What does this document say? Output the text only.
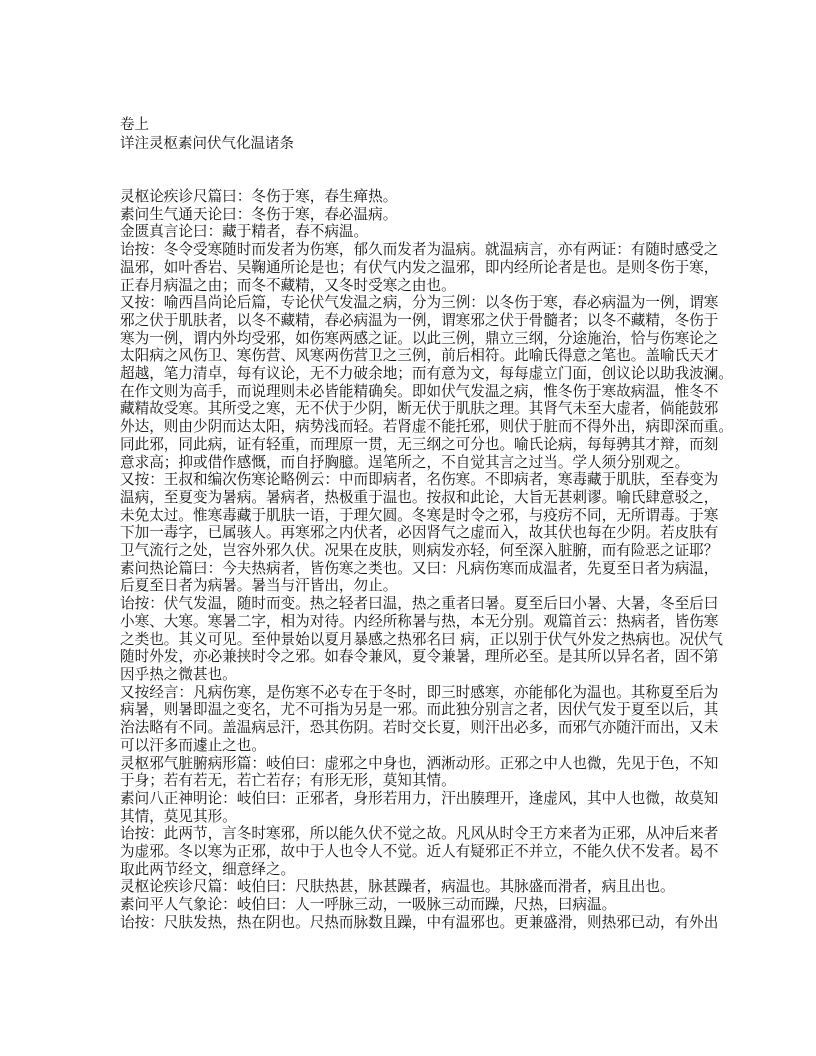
卷上
详注灵枢素问伏气化温诸条
灵枢论疾诊尺篇曰：冬伤于寒，春生瘅热。
素问生气通天论曰：冬伤于寒，春必温病。
金匮真言论曰：藏于精者，春不病温。
诒按：冬令受寒随时而发者为伤寒，郁久而发者为温病。就温病言，亦有两证：有随时感受之
温邪，如叶香岩、吴鞠通所论是也；有伏气内发之温邪，即内经所论者是也。是则冬伤于寒，
正春月病温之由；而冬不藏精，又冬时受寒之由也。
又按：喻西昌尚论后篇，专论伏气发温之病，分为三例：以冬伤于寒，春必病温为一例，谓寒
邪之伏于肌肤者，以冬不藏精，春必病温为一例，谓寒邪之伏于骨髓者；以冬不藏精，冬伤于
寒为一例，谓内外均受邪，如伤寒两感之证。以此三例，鼎立三纲，分途施治，恰与伤寒论之
太阳病之风伤卫、寒伤营、风寒两伤营卫之三例，前后相符。此喻氏得意之笔也。盖喻氏天才
超越，笔力清卓，每有议论，无不力破余地；而有意为文，每每虚立门面，创议论以助我波澜。
在作文则为高手，而说理则未必皆能精确矣。即如伏气发温之病，惟冬伤于寒故病温，惟冬不
藏精故受寒。其所受之寒，无不伏于少阴，断无伏于肌肤之理。其肾气未至大虚者，倘能鼓邪
外达，则由少阴而达太阳，病势浅而轻。若肾虚不能托邪，则伏于脏而不得外出，病即深而重。
同此邪，同此病，证有轻重，而理原一贯，无三纲之可分也。喻氏论病，每每骋其才辩，而刻
意求高；抑或借作感慨，而自抒胸臆。逞笔所之，不自觉其言之过当。学人须分别观之。
又按：王叔和编次伤寒论略例云：中而即病者，名伤寒。不即病者，寒毒藏于肌肤，至春变为
温病，至夏变为暑病。暑病者，热极重于温也。按叔和此论，大旨无甚刺谬。喻氏肆意驳之，
未免太过。惟寒毒藏于肌肤一语，于理欠圆。冬寒是时令之邪，与疫疠不同，无所谓毒。于寒
下加一毒字，已属骇人。再寒邪之内伏者，必因肾气之虚而入，故其伏也每在少阴。若皮肤有
卫气流行之处，岂容外邪久伏。况果在皮肤，则病发亦轻，何至深入脏腑，而有险恶之证耶？
素问热论篇曰：今夫热病者，皆伤寒之类也。又曰：凡病伤寒而成温者，先夏至日者为病温，
后夏至日者为病暑。暑当与汗皆出，勿止。
诒按：伏气发温，随时而变。热之轻者曰温，热之重者曰暑。夏至后曰小暑、大暑，冬至后曰
小寒、大寒。寒暑二字，相为对待。内经所称暑与热，本无分别。观篇首云：热病者，皆伤寒
之类也。其义可见。至仲景始以夏月暴感之热邪名曰 病，正以别于伏气外发之热病也。况伏气
随时外发，亦必兼挟时令之邪。如春令兼风，夏令兼暑，理所必至。是其所以异名者，固不第
因乎热之微甚也。
又按经言：凡病伤寒，是伤寒不必专在于冬时，即三时感寒，亦能郁化为温也。其称夏至后为
病暑，则暑即温之变名，尤不可指为另是一邪。而此独分别言之者，因伏气发于夏至以后，其
治法略有不同。盖温病忌汗，恐其伤阴。若时交长夏，则汗出必多，而邪气亦随汗而出，又未
可以汗多而遽止之也。
灵枢邪气脏腑病形篇：岐伯曰：虚邪之中身也，洒淅动形。正邪之中人也微，先见于色，不知
于身；若有若无，若亡若存；有形无形，莫知其情。
素问八正神明论：岐伯曰：正邪者，身形若用力，汗出腠理开，逢虚风，其中人也微，故莫知
其情，莫见其形。
诒按：此两节，言冬时寒邪，所以能久伏不觉之故。凡风从时令王方来者为正邪，从冲后来者
为虚邪。冬以寒为正邪，故中于人也令人不觉。近人有疑邪正不并立，不能久伏不发者。曷不
取此两节经文，细意绎之。
灵枢论疾诊尺篇：岐伯曰：尺肤热甚，脉甚躁者，病温也。其脉盛而滑者，病且出也。
素问平人气象论：岐伯曰：人一呼脉三动，一吸脉三动而躁，尺热，曰病温。
诒按：尺肤发热，热在阴也。尺热而脉数且躁，中有温邪也。更兼盛滑，则热邪已动，有外出
